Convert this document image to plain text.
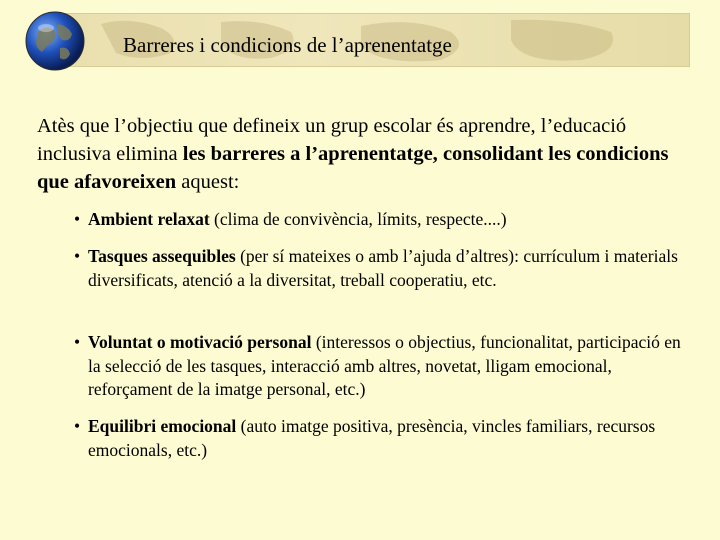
Barreres i condicions de l’aprenentatge
Atès que l’objectiu que defineix un grup escolar és aprendre, l’educació inclusiva elimina les barreres a l’aprenentatge, consolidant les condicions que afavoreixen aquest:

• Ambient relaxat (clima de convivència, límits, respecte....)

• Tasques assequibles (per sí mateixes o amb l’ajuda d’altres): currículum i materials diversificats, atenció a la diversitat, treball cooperatiu, etc.

• Voluntat o motivació personal (interessos o objectius, funcionalitat, participació en la selecció de les tasques, interacció amb altres, novetat, lligam emocional, reforçament de la imatge personal, etc.)

• Equilibri emocional (auto imatge positiva, presència, vincles familiars, recursos emocionals, etc.)
